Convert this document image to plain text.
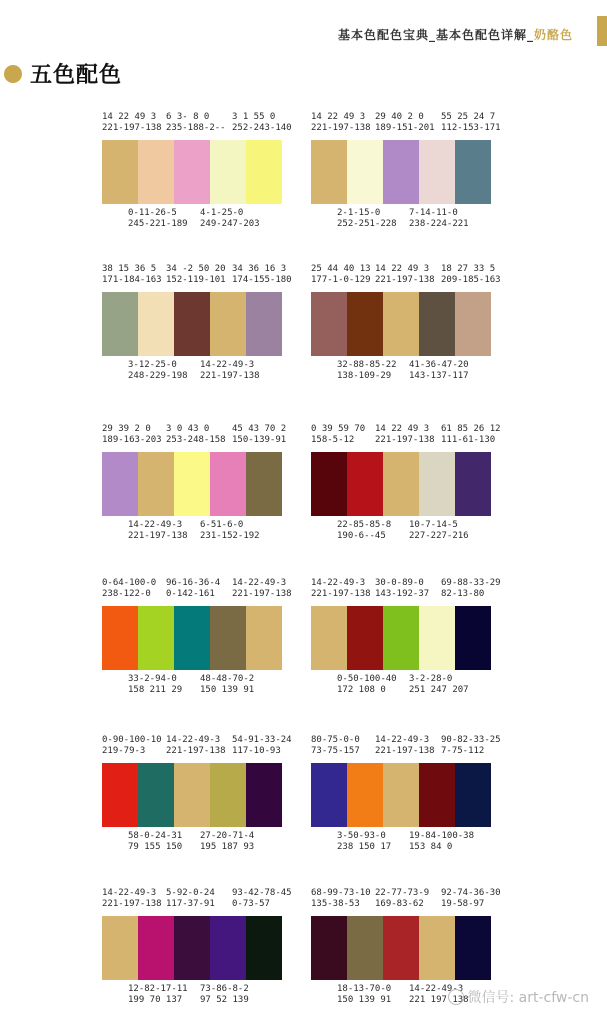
基本色配色宝典_基本色配色详解_奶酪色
五色配色
14 22 49 3
221-197-138
6 3- 8 0
235-188-2--
3 1 55 0
252-243-140
0-11-26-5
245-221-189
4-1-25-0
249-247-203
14 22 49 3
221-197-138
29 40 2 0
189-151-201
55 25 24 7
112-153-171
2-1-15-0
252-251-228
7-14-11-0
238-224-221
38 15 36 5
171-184-163
34 -2 50 20
152-119-101
34 36 16 3
174-155-180
3-12-25-0
248-229-198
14-22-49-3
221-197-138
25 44 40 13
177-1-0-129
14 22 49 3
221-197-138
18 27 33 5
209-185-163
32-88-85-22
138-109-29
41-36-47-20
143-137-117
29 39 2 0
189-163-203
3 0 43 0
253-248-158
45 43 70 2
150-139-91
14-22-49-3
221-197-138
6-51-6-0
231-152-192
0 39 59 70
158-5-12
14 22 49 3
221-197-138
61 85 26 12
111-61-130
22-85-85-8
190-6--45
10-7-14-5
227-227-216
0-64-100-0
238-122-0
96-16-36-4
0-142-161
14-22-49-3
221-197-138
33-2-94-0
158 211 29
48-48-70-2
150 139 91
14-22-49-3
221-197-138
30-0-89-0
143-192-37
69-88-33-29
82-13-80
0-50-100-40
172 108 0
3-2-28-0
251 247 207
0-90-100-10
219-79-3
14-22-49-3
221-197-138
54-91-33-24
117-10-93
58-0-24-31
79 155 150
27-20-71-4
195 187 93
80-75-0-0
73-75-157
14-22-49-3
221-197-138
90-82-33-25
7-75-112
3-50-93-0
238 150 17
19-84-100-38
153 84 0
14-22-49-3
221-197-138
5-92-0-24
117-37-91
93-42-78-45
0-73-57
12-82-17-11
199 70 137
73-86-8-2
97 52 139
68-99-73-10
135-38-53
22-77-73-9
169-83-62
92-74-36-30
19-58-97
18-13-70-0
150 139 91
14-22-49-3
221 197 138
微信号: art-cfw-cn
